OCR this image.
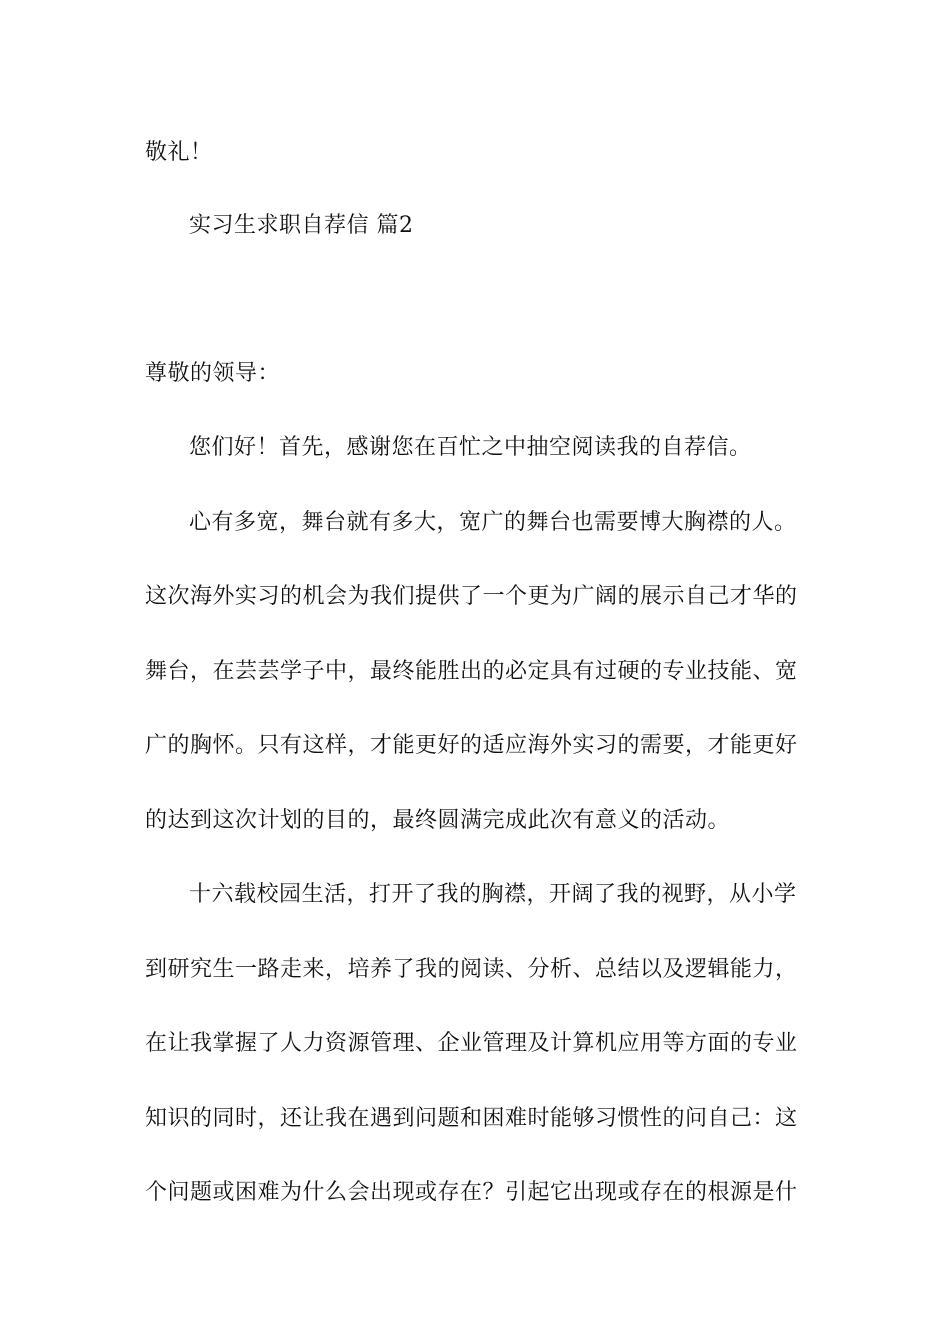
敬礼！
实习生求职自荐信 篇2
尊敬的领导：
您们好！首先，感谢您在百忙之中抽空阅读我的自荐信。
心有多宽，舞台就有多大，宽广的舞台也需要博大胸襟的人。
这次海外实习的机会为我们提供了一个更为广阔的展示自己才华的
舞台，在芸芸学子中，最终能胜出的必定具有过硬的专业技能、宽
广的胸怀。只有这样，才能更好的适应海外实习的需要，才能更好
的达到这次计划的目的，最终圆满完成此次有意义的活动。
十六载校园生活，打开了我的胸襟，开阔了我的视野，从小学
到研究生一路走来，培养了我的阅读、分析、总结以及逻辑能力，
在让我掌握了人力资源管理、企业管理及计算机应用等方面的专业
知识的同时，还让我在遇到问题和困难时能够习惯性的问自己：这
个问题或困难为什么会出现或存在？引起它出现或存在的根源是什
